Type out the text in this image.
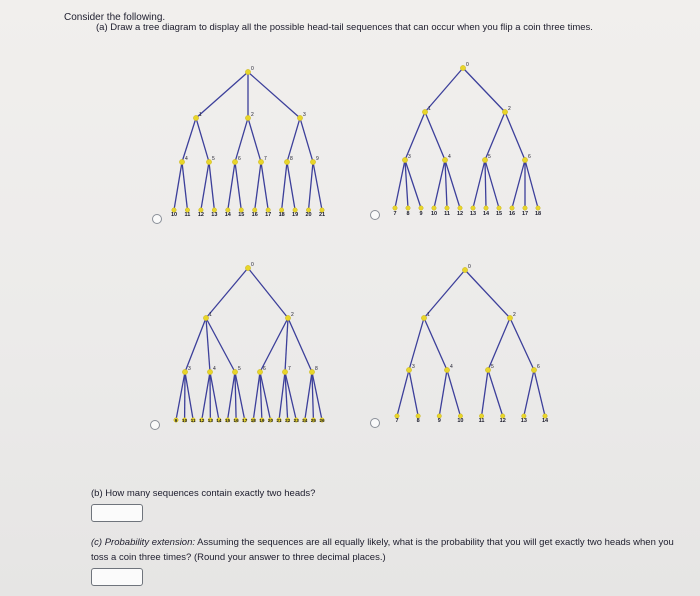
Consider the following.
(a) Draw a tree diagram to display all the possible head-tail sequences that can occur when you flip a coin three times.
0
1	2	3
4	5	6	7	8	9
10 11 12 13 14 15 16 17 18 19 20 21
0
1	2
3	4	5	6
7 8 9 10 11 12 13 14 15 16 17 18
0
1	2
3	4	5	6	7	8
9 10 11 12 13 14 15 16 17 18 19 20 21 22 23 24 25 26
0
1	2
3	4	5	6
7	8	9	10	11	12	13	14
(b) How many sequences contain exactly two heads?
(c) Probability extension: Assuming the sequences are all equally likely, what is the probability that you will get exactly two heads when you toss a coin three times? (Round your answer to three decimal places.)
